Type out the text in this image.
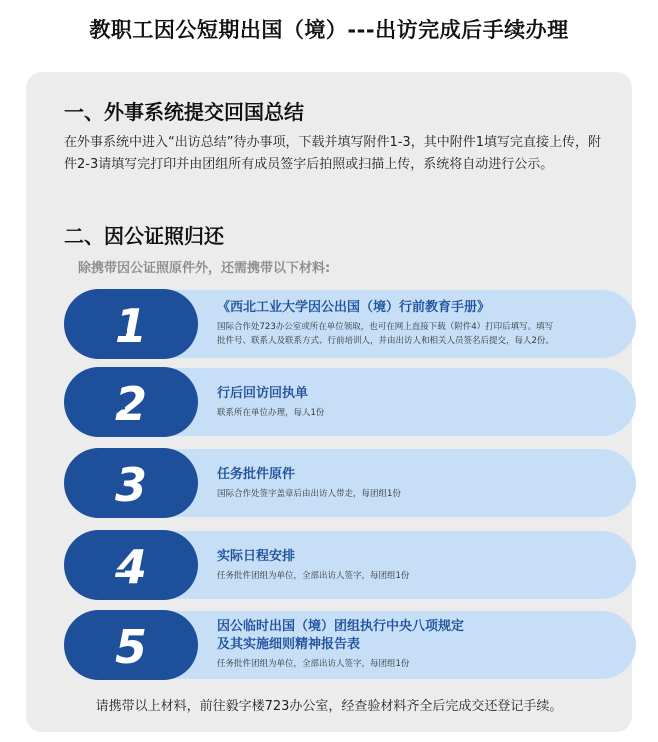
教职工因公短期出国（境）---出访完成后手续办理
一、外事系统提交回国总结
在外事系统中进入“出访总结”待办事项，下载并填写附件1-3，其中附件1填写完直接上传，附件2-3请填写完打印并由团组所有成员签字后拍照或扫描上传，系统将自动进行公示。
二、因公证照归还
除携带因公证照原件外，还需携带以下材料:
请携带以上材料，前往毅字楼723办公室，经查验材料齐全后完成交还登记手续。
1	《西北工业大学因公出国（境）行前教育手册》
国际合作处723办公室或所在单位领取，也可在网上直接下载（附件4）打印后填写。填写
批件号、联系人及联系方式、行前培训人，并由出访人和相关人员签名后提交，每人2份。
2	行后回访回执单
联系所在单位办理，每人1份
3	任务批件原件
国际合作处签字盖章后由出访人带走，每团组1份
4	实际日程安排
任务批件团组为单位，全部出访人签字，每团组1份
5	因公临时出国（境）团组执行中央八项规定
及其实施细则精神报告表
任务批件团组为单位，全部出访人签字，每团组1份
